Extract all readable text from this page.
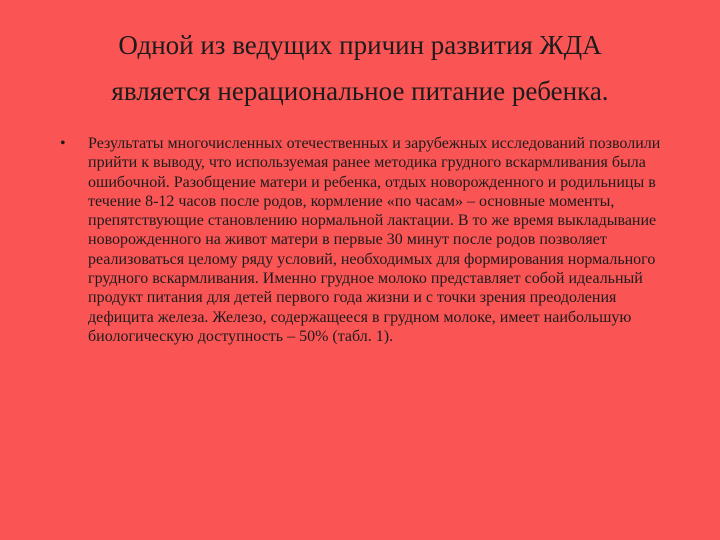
Одной из ведущих причин развития ЖДА
является нерациональное питание ребенка.
• Результаты многочисленных отечественных и зарубежных исследований позволили прийти к выводу, что используемая ранее методика грудного вскармливания была ошибочной. Разобщение матери и ребенка, отдых новорожденного и родильницы в течение 8-12 часов после родов, кормление «по часам» – основные моменты, препятствующие становлению нормальной лактации. В то же время выкладывание новорожденного на живот матери в первые 30 минут после родов позволяет реализоваться целому ряду условий, необходимых для формирования нормального грудного вскармливания. Именно грудное молоко представляет собой идеальный продукт питания для детей первого года жизни и с точки зрения преодоления дефицита железа. Железо, содержащееся в грудном молоке, имеет наибольшую биологическую доступность – 50% (табл. 1).
